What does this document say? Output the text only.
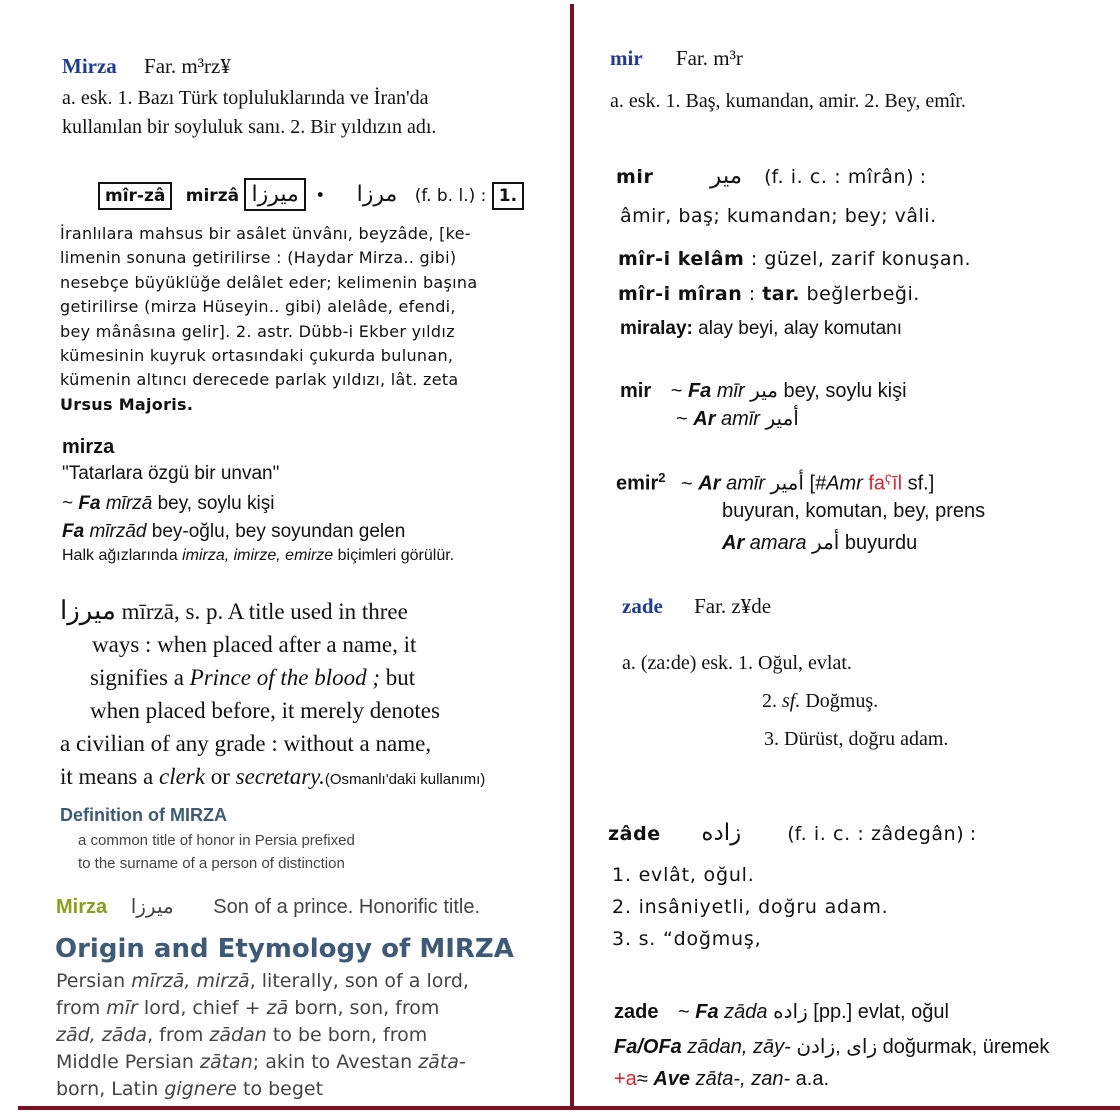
Mirza Far. m³rz¥
a. esk. 1. Bazı Türk topluluklarında ve İran'da
kullanılan bir soyluluk sanı. 2. Bir yıldızın adı.
mîr-zâ mirzâ	مرزا • میرزا	(f. b. l.) : 1.
İranlılara mahsus bir asâlet ünvânı, beyzâde, [ke-
limenin sonuna getirilirse : (Haydar Mirza.. gibi)
nesebçe büyüklüğe delâlet eder; kelimenin başına
getirilirse (mirza Hüseyin.. gibi) alelâde, efendi,
bey mânâsına gelir]. 2. astr. Dübb-i Ekber yıldız
kümesinin kuyruk ortasındaki çukurda bulunan,
kümenin altıncı derecede parlak yıldızı, lât. zeta
Ursus Majoris.
mirza
"Tatarlara özgü bir unvan"
~ Fa mīrzā bey, soylu kişi
Fa mīrzād bey-oğlu, bey soyundan gelen
Halk ağızlarında imirza, imirze, emirze biçimleri görülür.
میرزا mīrzā, s. p. A title used in three
ways : when placed after a name, it
signifies a Prince of the blood ; but
when placed before, it merely denotes
a civilian of any grade : without a name,
it means a clerk or secretary.(Osmanlı'daki kullanımı)
Definition of MIRZA
a common title of honor in Persia prefixed
to the surname of a person of distinction
Mirza میرزا Son of a prince. Honorific title.
Origin and Etymology of MIRZA
Persian mīrzā, mirzā, literally, son of a lord,
from mīr lord, chief + zā born, son, from
zād, zāda, from zādan to be born, from
Middle Persian zātan; akin to Avestan zāta-
born, Latin gignere to beget
mir Far. m³r
a. esk. 1. Baş, kumandan, amir. 2. Bey, emîr.
mir میر (f. i. c. : mîrân) :
âmir, baş; kumandan; bey; vâli.
mîr-i kelâm : güzel, zarif konuşan.
mîr-i mîran : tar. beğlerbeği.
miralay: alay beyi, alay komutanı
mir ~ Fa mīr میر bey, soylu kişi
~ Ar amīr أمير
emir$^2$ ~ Ar amīr أمير [#Amr faˁīl sf.]
buyuran, komutan, bey, prens
Ar amara أمر buyurdu
zade Far. z¥de
a. (za:de) esk. 1. Oğul, evlat.
2. sf. Doğmuş.
3. Dürüst, doğru adam.
zâde زاده (f. i. c. : zâdegân) :
1. evlât, oğul.
2. insâniyetli, doğru adam.
3. s. “doğmuş,
zade ~ Fa zāda زاده [pp.] evlat, oğul
Fa/OFa zādan, zāy- زای ,زادن doğurmak, üremek
+a≈ Ave zāta-, zan- a.a.
